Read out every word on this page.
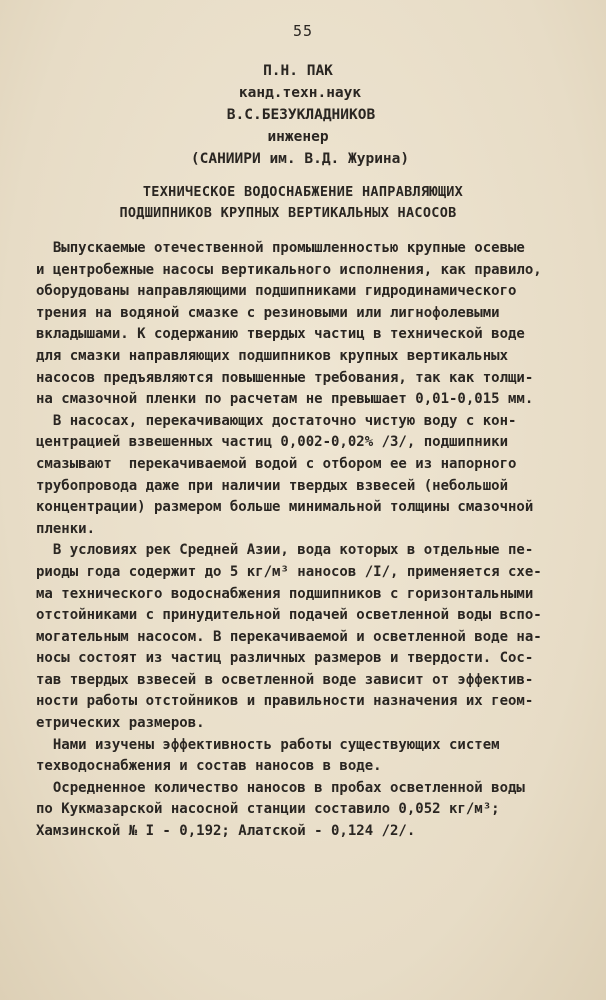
55
П.Н. ПАК
канд.техн.наук
В.С.БЕЗУКЛАДНИКОВ
инженер
(САНИИРИ им. В.Д. Журина)
ТЕХНИЧЕСКОЕ ВОДОСНАБЖЕНИЕ НАПРАВЛЯЮЩИХ
ПОДШИПНИКОВ КРУПНЫХ ВЕРТИКАЛЬНЫХ НАСОСОВ
Выпускаемые отечественной промышленностью крупные осевые
и центробежные насосы вертикального исполнения, как правило,
оборудованы направляющими подшипниками гидродинамического
трения на водяной смазке с резиновыми или лигнофолевыми
вкладышами. К содержанию твердых частиц в технической воде
для смазки направляющих подшипников крупных вертикальных
насосов предъявляются повышенные требования, так как толщи-
на смазочной пленки по расчетам не превышает 0,01-0,015 мм.
В насосах, перекачивающих достаточно чистую воду с кон-
центрацией взвешенных частиц 0,002-0,02% /3/, подшипники
смазывают  перекачиваемой водой с отбором ее из напорного
трубопровода даже при наличии твердых взвесей (небольшой
концентрации) размером больше минимальной толщины смазочной
пленки.
В условиях рек Средней Азии, вода которых в отдельные пе-
риоды года содержит до 5 кг/м³ наносов /I/, применяется схе-
ма технического водоснабжения подшипников с горизонтальными
отстойниками с принудительной подачей осветленной воды вспо-
могательным насосом. В перекачиваемой и осветленной воде на-
носы состоят из частиц различных размеров и твердости. Сос-
тав твердых взвесей в осветленной воде зависит от эффектив-
ности работы отстойников и правильности назначения их геом-
етрических размеров.
Нами изучены эффективность работы существующих систем
техводоснабжения и состав наносов в воде.
Осредненное количество наносов в пробах осветленной воды
по Кукмазарской насосной станции составило 0,052 кг/м³;
Хамзинской № I - 0,192; Алатской - 0,124 /2/.
